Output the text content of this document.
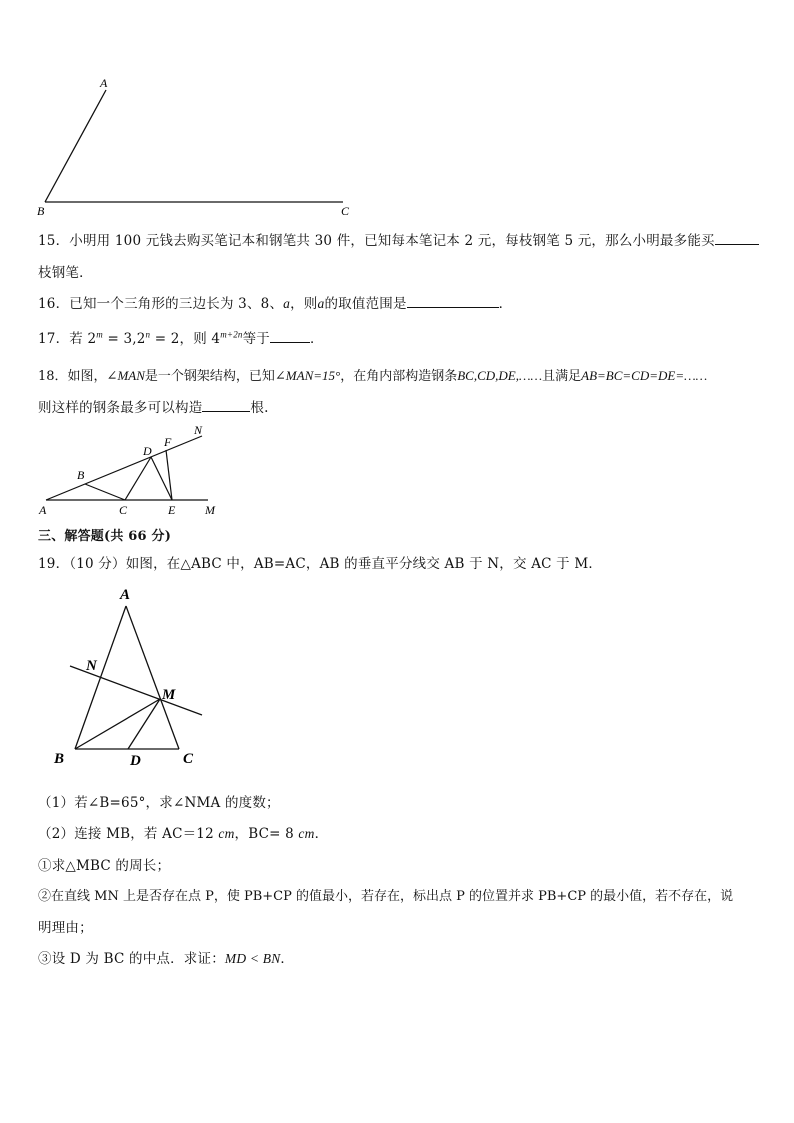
A
B	C
15．小明用 100 元钱去购买笔记本和钢笔共 30 件，已知每本笔记本 2 元，每枝钢笔 5 元，那么小明最多能买
枝钢笔．
16．已知一个三角形的三边长为 3、8、a，则a的取值范围是	．
17．若 $2^m = 3,2^n = 2$，则 $4^{m+2n}$等于	．
18．如图，∠MAN是一个钢架结构，已知∠MAN=15°，在角内部构造钢条BC,CD,DE,……且满足AB=BC=CD=DE=……
则这样的钢条最多可以构造	根.
N
F
D
B
A	C	E M
三、解答题(共 66 分)
19．（10 分）如图，在△ABC 中，AB=AC，AB 的垂直平分线交 AB 于 N，交 AC 于 M．
A
N
M
B	D	C
（1）若∠B=65°，求∠NMA 的度数；
（2）连接 MB，若 AC＝12 cm，BC= 8 cm．
①求△MBC 的周长；
②在直线 MN 上是否存在点 P，使 PB+CP 的值最小，若存在，标出点 P 的位置并求 PB+CP 的最小值，若不存在，说
明理由；
③设 D 为 BC 的中点．求证：MD < BN．
